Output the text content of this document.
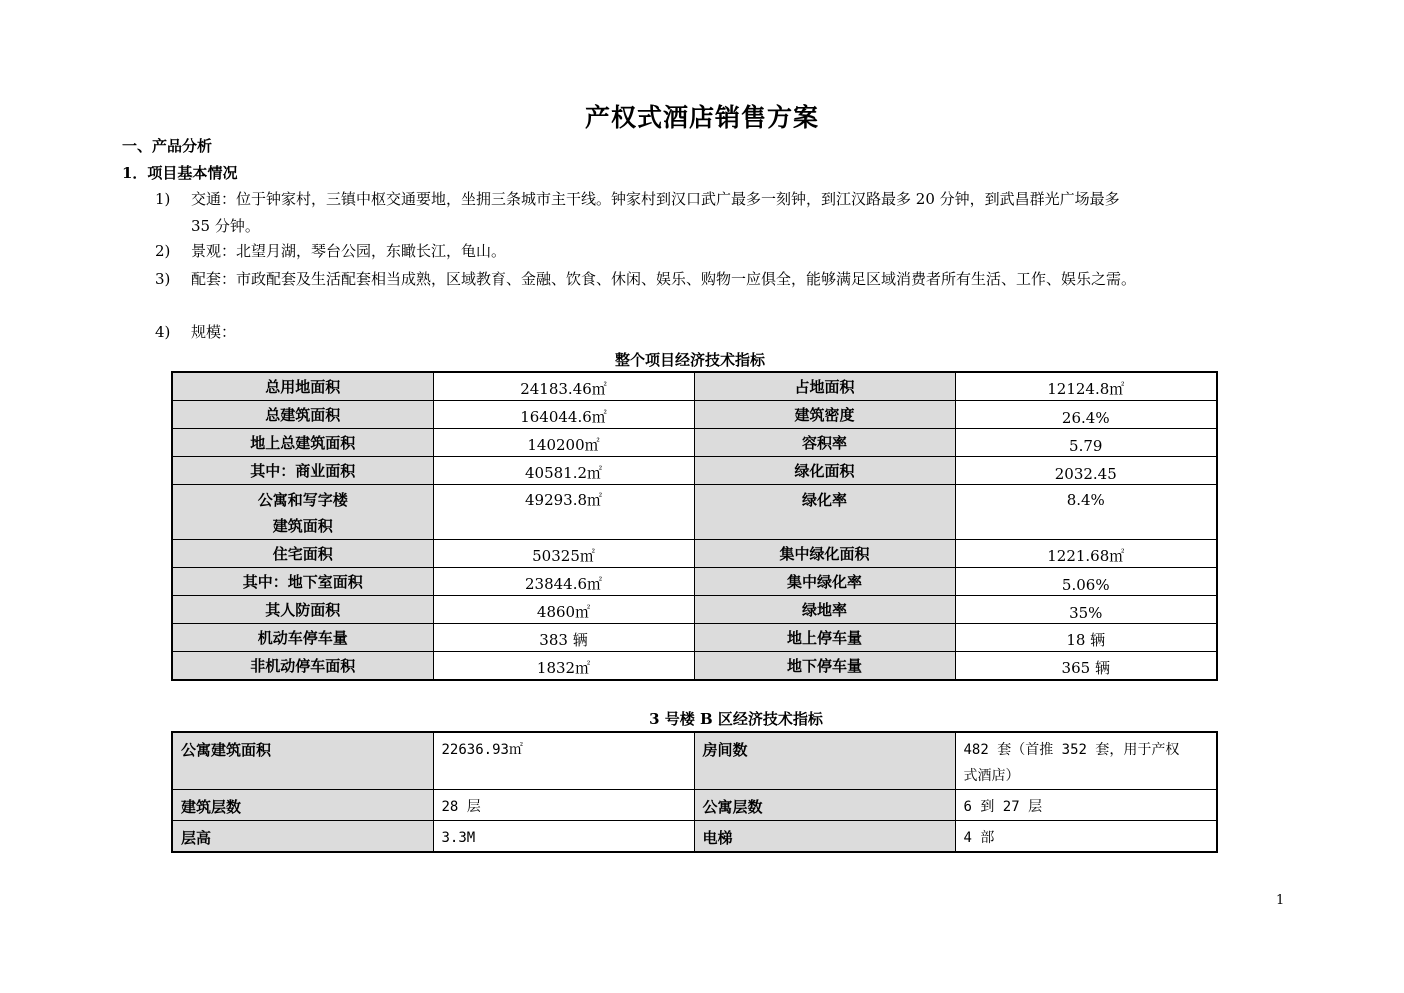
产权式酒店销售方案
一、产品分析
1．项目基本情况
1) 交通：位于钟家村，三镇中枢交通要地，坐拥三条城市主干线。钟家村到汉口武广最多一刻钟，到江汉路最多 20 分钟，到武昌群光广场最多
35 分钟。
2) 景观：北望月湖，琴台公园，东瞰长江，龟山。
3) 配套：市政配套及生活配套相当成熟，区域教育、金融、饮食、休闲、娱乐、购物一应俱全，能够满足区域消费者所有生活、工作、娱乐之需。
4) 规模：
整个项目经济技术指标
总用地面积	24183.46㎡	占地面积	12124.8㎡
总建筑面积	164044.6㎡	建筑密度	26.4%
地上总建筑面积	140200㎡	容积率	5.79
其中：商业面积	40581.2㎡	绿化面积	2032.45

公寓和写字楼
建筑面积	49293.8㎡	绿化率	8.4%
住宅面积	50325㎡	集中绿化面积	1221.68㎡
其中：地下室面积	23844.6㎡	集中绿化率	5.06%
其人防面积	4860㎡	绿地率	35%
机动车停车量	383 辆	地上停车量	18 辆
非机动停车面积	1832㎡	地下停车量	365 辆
3 号楼 B 区经济技术指标
公寓建筑面积	22636.93㎡	房间数	482 套（首推 352 套，用于产权
式酒店）

建筑层数	28 层	公寓层数	6 到 27 层
层高	3.3M	电梯	4 部
1
